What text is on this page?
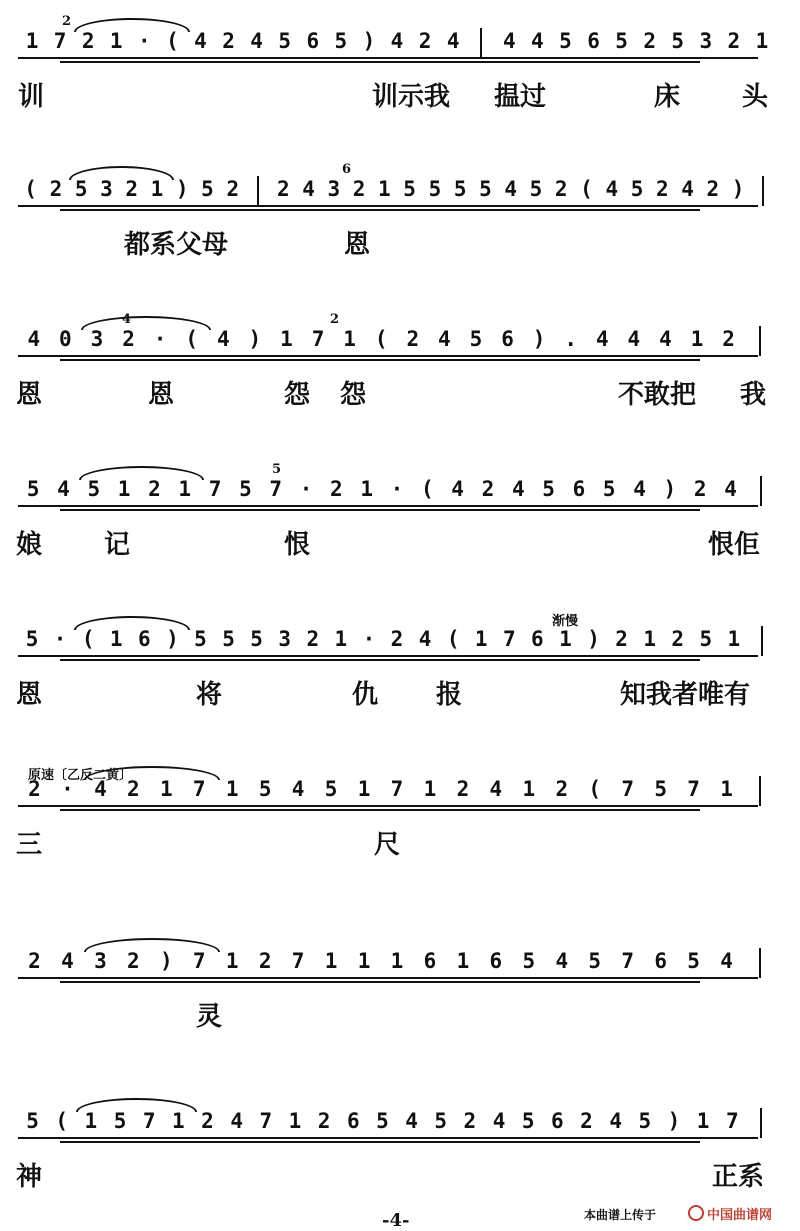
1 7 2 1 · ( 4 2 4 5 6 5 ) 4 2 4 4 4 5 6 5 2 5 3 2 1
2
训	训示我 揾过	床 头
( 2 5 3 2 1 ) 5 2 2 4 3 2 1 5 5 5 5 4 5 2 ( 4 5 2 4 2 )
6
都系父母	恩
4 0 3 2 · ( 4 ) 1 7 1 ( 2 4 5 6 ) . 4 4 4 1 2
4	2
恩	恩	怨 怨	不敢把 我
5 4 5 1 2 1 7 5 7 · 2 1 · ( 4 2 4 5 6 5 4 ) 2 4
5
娘 记	恨	恨佢
5 · ( 1 6 ) 5 5 5 3 2 1 · 2 4 ( 1 7 6 1 ) 2 1 2 5 1
渐慢
恩	将	仇 报	知我者唯有
2 · 4 2 1 7 1 5 4 5 1 7 1 2 4 1 2 ( 7 5 7 1
原速〔乙反二黄〕
三	尺
2 4 3 2 ) 7 1 2 7 1 1 1 6 1 6 5 4 5 7 6 5 4
灵
5 ( 1 5 7 1 2 4 7 1 2 6 5 4 5 2 4 5 6 2 4 5 ) 1 7
神	正系
本曲谱上传于	中国曲谱网
-4-
